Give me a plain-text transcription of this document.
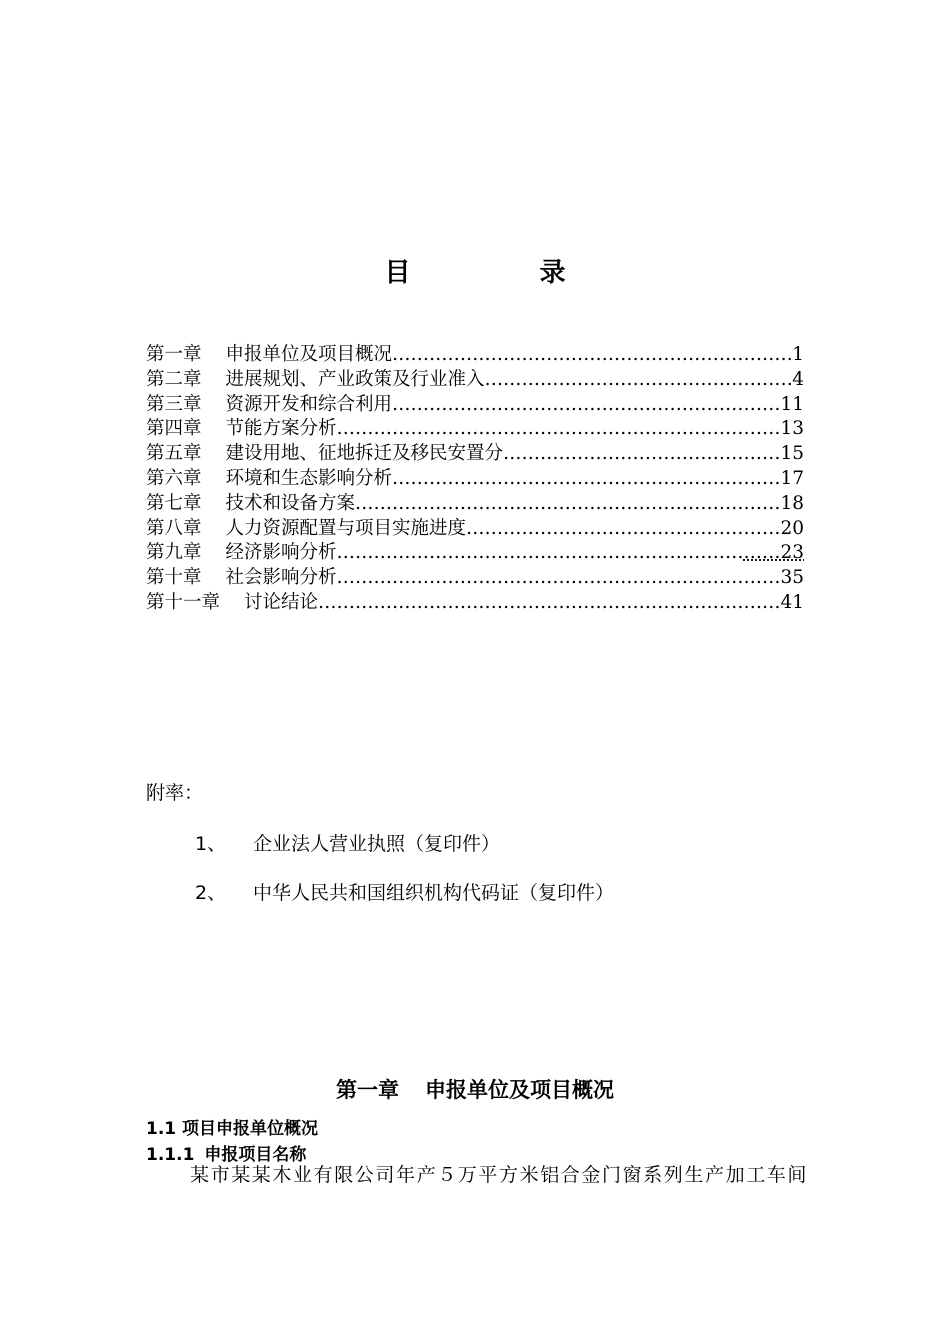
目 录
第一章 申报单位及项目概况 ………………………………………………………………………………………………………………………………	1
第二章 进展规划、产业政策及行业准入 ………………………………………………………………………………………………………………………………	4
第三章 资源开发和综合利用 ………………………………………………………………………………………………………………………………	11
第四章 节能方案分析 ………………………………………………………………………………………………………………………………	…13
第五章 建设用地、征地拆迁及移民安置分 ………………………………………………………………………………………………………………………………	15
第六章 环境和生态影响分析 ………………………………………………………………………………………………………………………………	…17
第七章 技术和设备方案 ………………………………………………………………………………………………………………………………	……18
第八章 人力资源配置与项目实施进度 ………………………………………………………………………………………………………………………………	……20
第九章 经济影响分析 ………………………………………………………………………………………………………………………………	……23
第十章 社会影响分析 ………………………………………………………………………………………………………………………………	……35
第十一章 讨论结论 ………………………………………………………………………………………………………………………………	………41
附率：
1、 企业法人营业执照（复印件）
2、 中华人民共和国组织机构代码证（复印件）
第一章 申报单位及项目概况
1.1 项目申报单位概况
1.1.1 申报项目名称
某市某某木业有限公司年产５万平方米铝合金门窗系列生产加工车间
